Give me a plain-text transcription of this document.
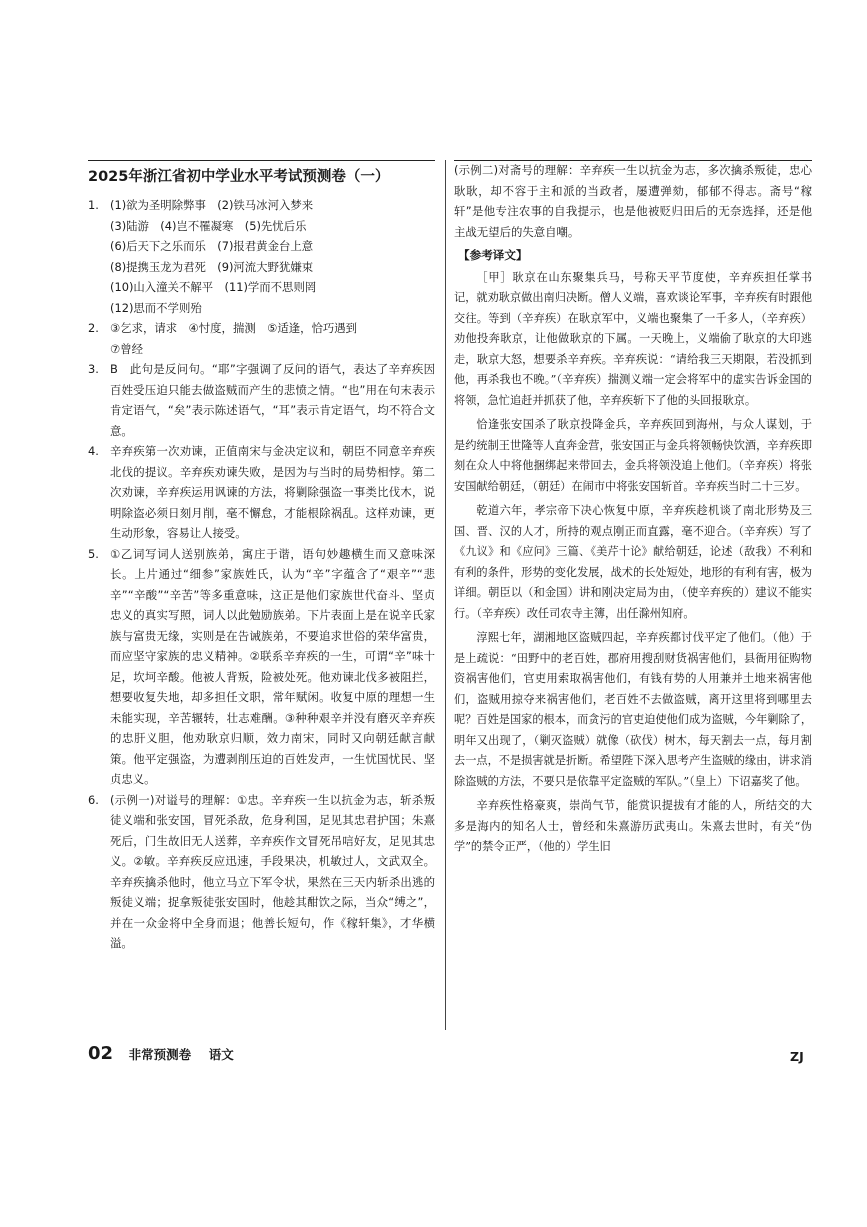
2025年浙江省初中学业水平考试预测卷（一）
1. (1)欲为圣明除弊事　(2)铁马冰河入梦来
(3)陆游　(4)岂不罹凝寒　(5)先忧后乐
(6)后天下之乐而乐　(7)报君黄金台上意
(8)提携玉龙为君死　(9)河流大野犹嫌束
(10)山入潼关不解平　(11)学而不思则罔
(12)思而不学则殆
2. ③乞求，请求　④忖度，揣测　⑤适逢，恰巧遇到
⑦曾经
3. B　此句是反问句。“耶”字强调了反问的语气，表达了辛弃疾因百姓受压迫只能去做盗贼而产生的悲愤之情。“也”用在句末表示肯定语气，“矣”表示陈述语气，“耳”表示肯定语气，均不符合文意。
4. 辛弃疾第一次劝谏，正值南宋与金决定议和，朝臣不同意辛弃疾北伐的提议。辛弃疾劝谏失败，是因为与当时的局势相悖。第二次劝谏，辛弃疾运用讽谏的方法，将剿除强盗一事类比伐木，说明除盗必须日刻月削，毫不懈怠，才能根除祸乱。这样劝谏，更生动形象，容易让人接受。
5. ①乙词写词人送别族弟，寓庄于谐，语句妙趣横生而又意味深长。上片通过“细参”家族姓氏，认为“辛”字蕴含了“艰辛”“悲辛”“辛酸”“辛苦”等多重意味，这正是他们家族世代奋斗、坚贞忠义的真实写照，词人以此勉励族弟。下片表面上是在说辛氏家族与富贵无缘，实则是在告诫族弟，不要追求世俗的荣华富贵，而应坚守家族的忠义精神。②联系辛弃疾的一生，可谓“辛”味十足，坎坷辛酸。他被人背叛，险被处死。他劝谏北伐多被阻拦，想要收复失地，却多担任文职，常年赋闲。收复中原的理想一生未能实现，辛苦辗转，壮志难酬。③种种艰辛并没有磨灭辛弃疾的忠肝义胆，他劝耿京归顺，效力南宋，同时又向朝廷献言献策。他平定强盗，为遭剥削压迫的百姓发声，一生忧国忧民、坚贞忠义。
6. (示例一)对谥号的理解：①忠。辛弃疾一生以抗金为志，斩杀叛徒义端和张安国，冒死杀敌，危身利国，足见其忠君护国；朱熹死后，门生故旧无人送葬，辛弃疾作文冒死吊唁好友，足见其忠义。②敏。辛弃疾反应迅速，手段果决，机敏过人，文武双全。辛弃疾擒杀他时，他立马立下军令状，果然在三天内斩杀出逃的叛徒义端；捉拿叛徒张安国时，他趁其酣饮之际，当众“缚之”，并在一众金将中全身而退；他善长短句，作《稼轩集》，才华横溢。
(示例二)对斋号的理解：辛弃疾一生以抗金为志，多次擒杀叛徒，忠心耿耿，却不容于主和派的当政者，屡遭弹劾，郁郁不得志。斋号“稼轩”是他专注农事的自我提示，也是他被贬归田后的无奈选择，还是他主战无望后的失意自嘲。
【参考译文】

［甲］耿京在山东聚集兵马，号称天平节度使，辛弃疾担任掌书记，就劝耿京做出南归决断。僧人义端，喜欢谈论军事，辛弃疾有时跟他交往。等到（辛弃疾）在耿京军中，义端也聚集了一千多人，（辛弃疾）劝他投奔耿京，让他做耿京的下属。一天晚上，义端偷了耿京的大印逃走，耿京大怒，想要杀辛弃疾。辛弃疾说：“请给我三天期限，若没抓到他，再杀我也不晚。”（辛弃疾）揣测义端一定会将军中的虚实告诉金国的将领，急忙追赶并抓获了他，辛弃疾斩下了他的头回报耿京。

恰逢张安国杀了耿京投降金兵，辛弃疾回到海州，与众人谋划，于是约统制王世隆等人直奔金营，张安国正与金兵将领畅快饮酒，辛弃疾即刻在众人中将他捆绑起来带回去，金兵将领没追上他们。（辛弃疾）将张安国献给朝廷，（朝廷）在闹市中将张安国斩首。辛弃疾当时二十三岁。

乾道六年，孝宗帝下决心恢复中原，辛弃疾趁机谈了南北形势及三国、晋、汉的人才，所持的观点刚正而直露，毫不迎合。（辛弃疾）写了《九议》和《应问》三篇、《美芹十论》献给朝廷，论述（敌我）不利和有利的条件，形势的变化发展，战术的长处短处，地形的有利有害，极为详细。朝臣以（和金国）讲和刚决定局为由，（使辛弃疾的）建议不能实行。（辛弃疾）改任司农寺主簿，出任滁州知府。

淳熙七年，湖湘地区盗贼四起，辛弃疾都讨伐平定了他们。（他）于是上疏说：“田野中的老百姓，郡府用搜刮财货祸害他们，县衙用征购物资祸害他们，官吏用索取祸害他们，有钱有势的人用兼并土地来祸害他们，盗贼用掠夺来祸害他们，老百姓不去做盗贼，离开这里将到哪里去呢？百姓是国家的根本，而贪污的官吏迫使他们成为盗贼，今年剿除了，明年又出现了，（剿灭盗贼）就像（砍伐）树木，每天割去一点，每月割去一点，不是损害就是折断。希望陛下深入思考产生盗贼的缘由，讲求消除盗贼的方法，不要只是依靠平定盗贼的军队。”（皇上）下诏嘉奖了他。

辛弃疾性格豪爽，崇尚气节，能赏识提拔有才能的人，所结交的大多是海内的知名人士，曾经和朱熹游历武夷山。朱熹去世时，有关“伪学”的禁令正严，（他的）学生旧

02 非常预测卷 语文	ZJ
